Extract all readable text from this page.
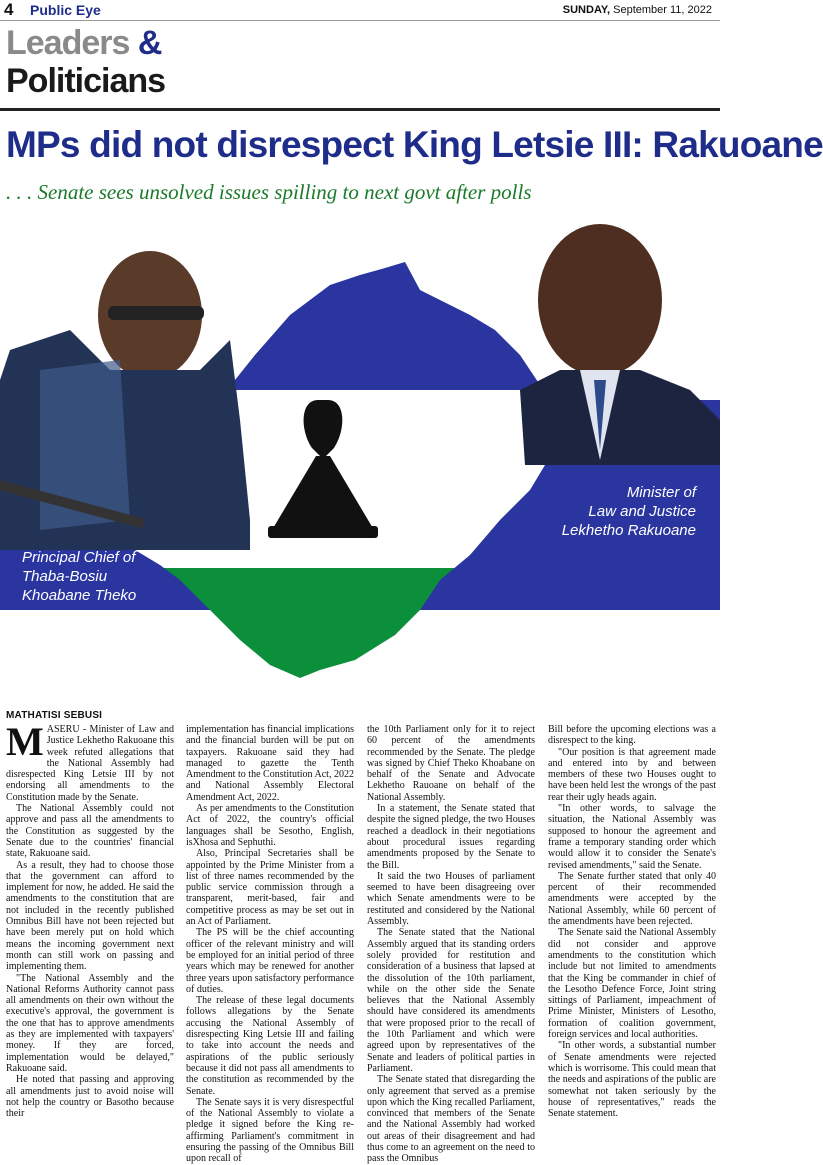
4 Public Eye	SUNDAY, September 11, 2022
Leaders &
Politicians
MPs did not disrespect King Letsie III: Rakuoane
. . . Senate sees unsolved issues spilling to next govt after polls
Principal Chief of
Thaba-Bosiu
Khoabane Theko
Minister of
Law and Justice
Lekhetho Rakuoane
MATHATISI SEBUSI

MASERU - Minister of Law and Justice Lekhetho Rakuoane this week refuted allegations that the National Assembly had disrespected King Letsie III by not endorsing all amendments to the Constitution made by the Senate.

The National Assembly could not approve and pass all the amendments to the Constitution as suggested by the Senate due to the countries' financial state, Rakuoane said.

As a result, they had to choose those that the government can afford to implement for now, he added. He said the amendments to the constitution that are not included in the recently published Omnibus Bill have not been rejected but have been merely put on hold which means the incoming government next month can still work on passing and implementing them.

"The National Assembly and the National Reforms Authority cannot pass all amendments on their own without the executive's approval, the government is the one that has to approve amendments as they are implemented with taxpayers' money. If they are forced, implementation would be delayed," Rakuoane said.

He noted that passing and approving all amendments just to avoid noise will not help the country or Basotho because their

implementation has financial implications and the financial burden will be put on taxpayers. Rakuoane said they had managed to gazette the Tenth Amendment to the Constitution Act, 2022 and National Assembly Electoral Amendment Act, 2022.

As per amendments to the Constitution Act of 2022, the country's official languages shall be Sesotho, English, isXhosa and Sephuthi.

Also, Principal Secretaries shall be appointed by the Prime Minister from a list of three names recommended by the public service commission through a transparent, merit-based, fair and competitive process as may be set out in an Act of Parliament.

The PS will be the chief accounting officer of the relevant ministry and will be employed for an initial period of three years which may be renewed for another three years upon satisfactory performance of duties.

The release of these legal documents follows allegations by the Senate accusing the National Assembly of disrespecting King Letsie III and failing to take into account the needs and aspirations of the public seriously because it did not pass all amendments to the constitution as recommended by the Senate.

The Senate says it is very disrespectful of the National Assembly to violate a pledge it signed before the King re-affirming Parliament's commitment in ensuring the passing of the Omnibus Bill upon recall of

the 10th Parliament only for it to reject 60 percent of the amendments recommended by the Senate. The pledge was signed by Chief Theko Khoabane on behalf of the Senate and Advocate Lekhetho Rauoane on behalf of the National Assembly.

In a statement, the Senate stated that despite the signed pledge, the two Houses reached a deadlock in their negotiations about procedural issues regarding amendments proposed by the Senate to the Bill.

It said the two Houses of parliament seemed to have been disagreeing over which Senate amendments were to be restituted and considered by the National Assembly.

The Senate stated that the National Assembly argued that its standing orders solely provided for restitution and consideration of a business that lapsed at the dissolution of the 10th parliament, while on the other side the Senate believes that the National Assembly should have considered its amendments that were proposed prior to the recall of the 10th Parliament and which were agreed upon by representatives of the Senate and leaders of political parties in Parliament.

The Senate stated that disregarding the only agreement that served as a premise upon which the King recalled Parliament, convinced that members of the Senate and the National Assembly had worked out areas of their disagreement and had thus come to an agreement on the need to pass the Omnibus

Bill before the upcoming elections was a disrespect to the king.

"Our position is that agreement made and entered into by and between members of these two Houses ought to have been held lest the wrongs of the past rear their ugly heads again.

"In other words, to salvage the situation, the National Assembly was supposed to honour the agreement and frame a temporary standing order which would allow it to consider the Senate's revised amendments," said the Senate.

The Senate further stated that only 40 percent of their recommended amendments were accepted by the National Assembly, while 60 percent of the amendments have been rejected.

The Senate said the National Assembly did not consider and approve amendments to the constitution which include but not limited to amendments that the King be commander in chief of the Lesotho Defence Force, Joint string sittings of Parliament, impeachment of Prime Minister, Ministers of Lesotho, formation of coalition government, foreign services and local authorities.

"In other words, a substantial number of Senate amendments were rejected which is worrisome. This could mean that the needs and aspirations of the public are somewhat not taken seriously by the house of representatives," reads the Senate statement.
